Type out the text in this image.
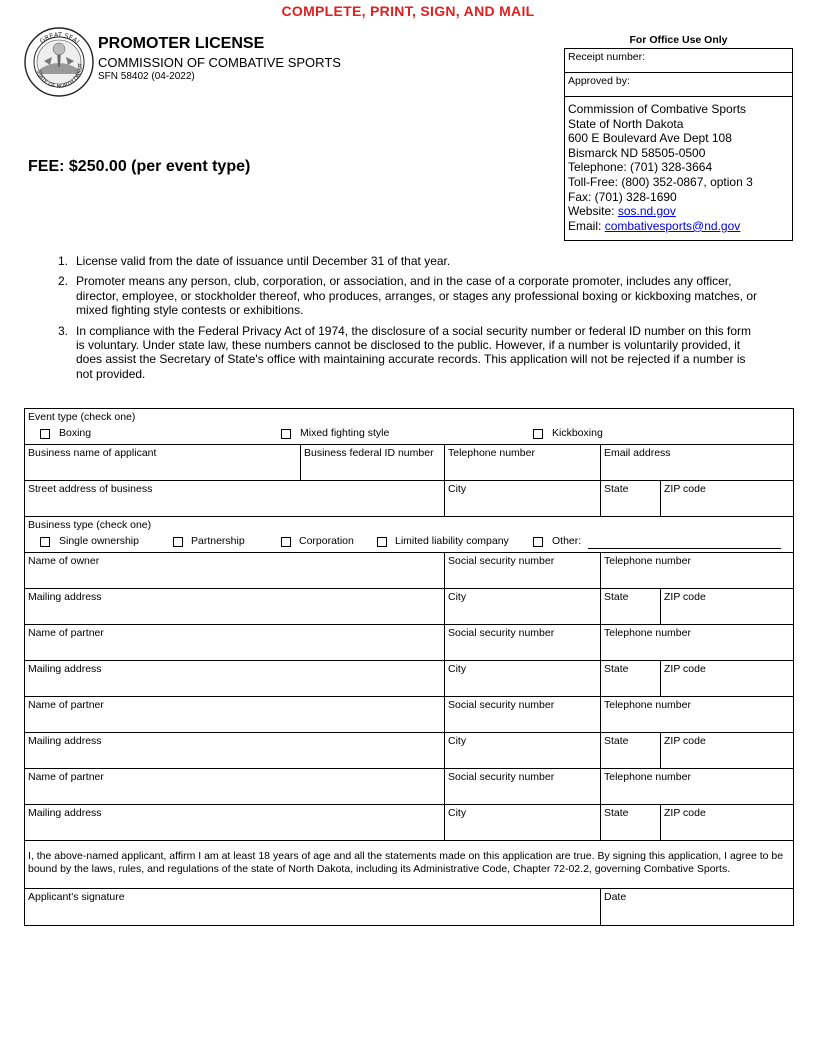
COMPLETE, PRINT, SIGN, AND MAIL
GREAT SEAL
STATE OF NORTH DAKOT
PROMOTER LICENSE
COMMISSION OF COMBATIVE SPORTS
SFN 58402 (04-2022)
FEE: $250.00 (per event type)
For Office Use Only
Receipt number:
Approved by:
Commission of Combative Sports
State of North Dakota
600 E Boulevard Ave Dept 108
Bismarck ND 58505-0500
Telephone: (701) 328-3664
Toll-Free: (800) 352-0867, option 3
Fax: (701) 328-1690
Website: sos.nd.gov
Email: combativesports@nd.gov
1. License valid from the date of issuance until December 31 of that year.
2. Promoter means any person, club, corporation, or association, and in the case of a corporate promoter, includes any officer, director, employee, or stockholder thereof, who produces, arranges, or stages any professional boxing or kickboxing matches, or mixed fighting style contests or exhibitions.
3. In compliance with the Federal Privacy Act of 1974, the disclosure of a social security number or federal ID number on this form is voluntary. Under state law, these numbers cannot be disclosed to the public. However, if a number is voluntarily provided, it does assist the Secretary of State's office with maintaining accurate records. This application will not be rejected if a number is not provided.
Event type (check one)
Boxing	Mixed fighting style	Kickboxing
Business name of applicant	Business federal ID number	Telephone number	Email address
Street address of business	City	State	ZIP code
Business type (check one)
Single ownership	Partnership	Corporation	Limited liability company	Other:
Name of owner	Social security number	Telephone number
Mailing address	City	State	ZIP code
Name of partner	Social security number	Telephone number
Mailing address	City	State	ZIP code
Name of partner	Social security number	Telephone number
Mailing address	City	State	ZIP code
Name of partner	Social security number	Telephone number
Mailing address	City	State	ZIP code
I, the above-named applicant, affirm I am at least 18 years of age and all the statements made on this application are true. By signing this application, I agree to be bound by the laws, rules, and regulations of the state of North Dakota, including its Administrative Code, Chapter 72-02.2, governing Combative Sports.
Applicant's signature	Date
